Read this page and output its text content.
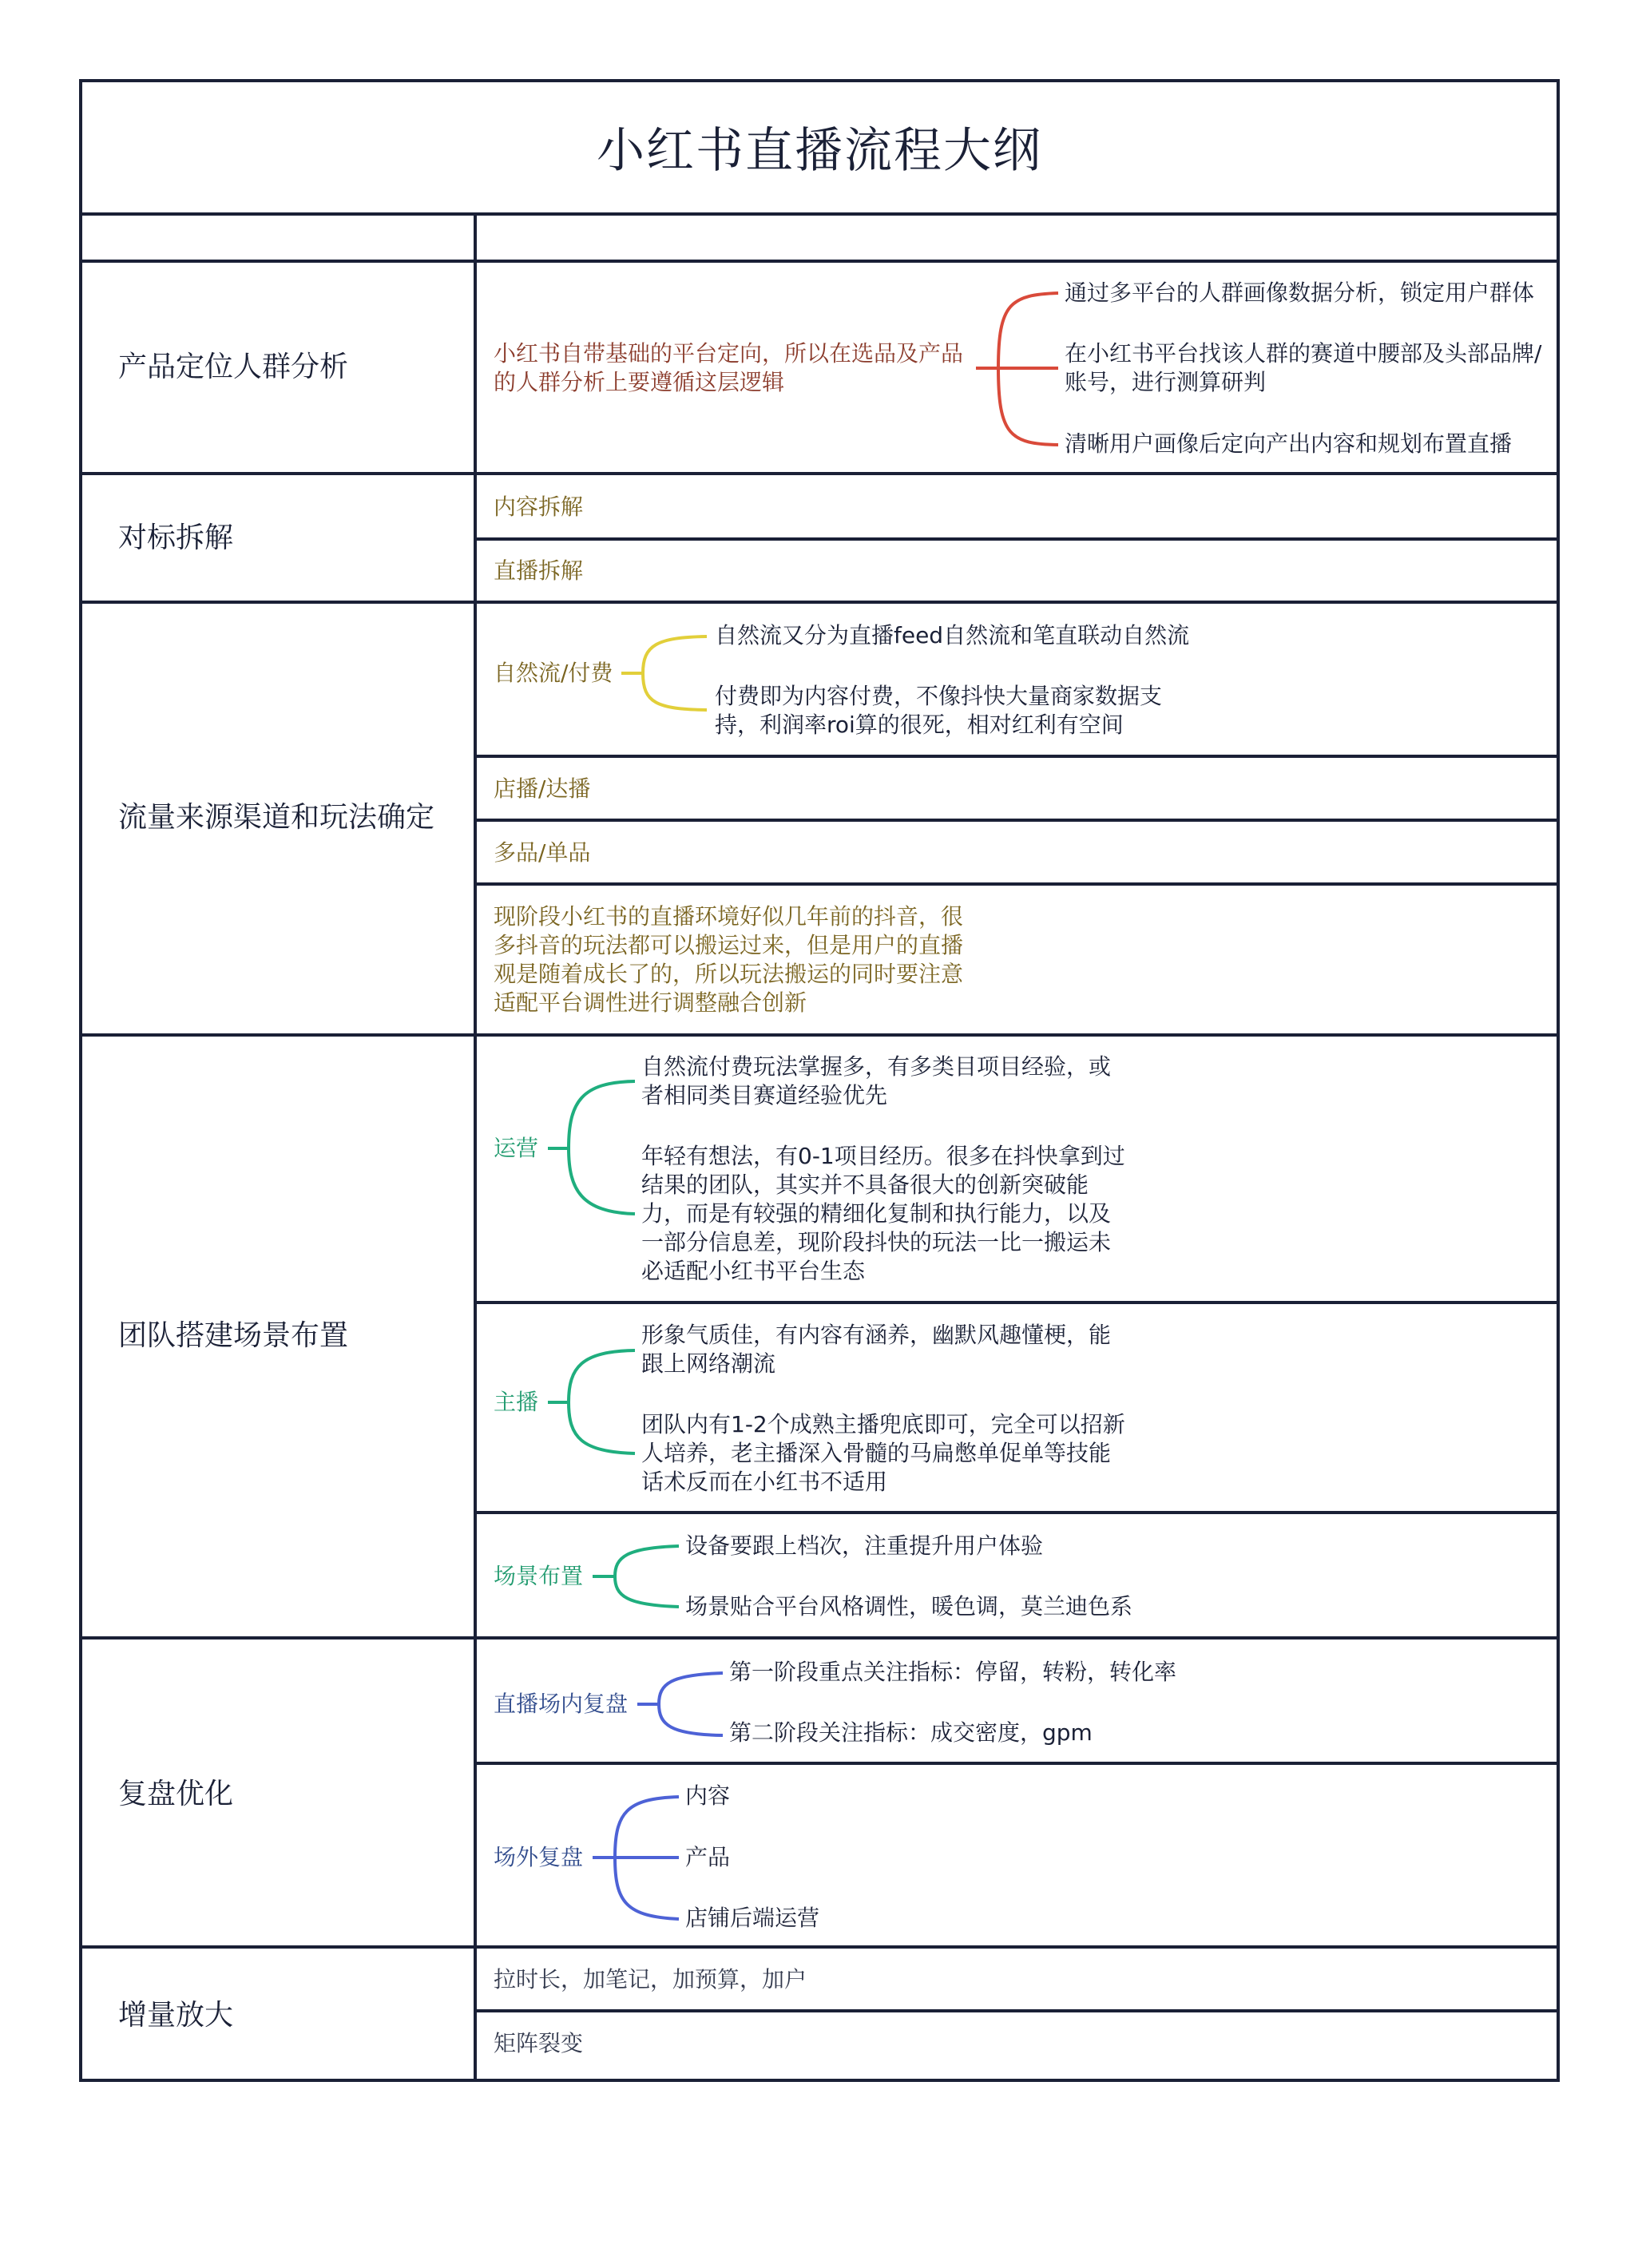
小红书直播流程大纲
产品定位人群分析	小红书自带基础的平台定向，所以在选品及产品
的人群分析上要遵循这层逻辑
通过多平台的人群画像数据分析，锁定用户群体
在小红书平台找该人群的赛道中腰部及头部品牌/
账号，进行测算研判
清晰用户画像后定向产出内容和规划布置直播
对标拆解
内容拆解
直播拆解
流量来源渠道和玩法确定
自然流/付费
自然流又分为直播feed自然流和笔直联动自然流
付费即为内容付费，不像抖快大量商家数据支
持，利润率roi算的很死，相对红利有空间
店播/达播
多品/单品
现阶段小红书的直播环境好似几年前的抖音，很
多抖音的玩法都可以搬运过来，但是用户的直播
观是随着成长了的，所以玩法搬运的同时要注意
适配平台调性进行调整融合创新
团队搭建场景布置
运营
自然流付费玩法掌握多，有多类目项目经验，或
者相同类目赛道经验优先
年轻有想法，有0-1项目经历。很多在抖快拿到过
结果的团队，其实并不具备很大的创新突破能
力，而是有较强的精细化复制和执行能力，以及
一部分信息差，现阶段抖快的玩法一比一搬运未
必适配小红书平台生态
主播
形象气质佳，有内容有涵养，幽默风趣懂梗，能
跟上网络潮流
团队内有1-2个成熟主播兜底即可，完全可以招新
人培养，老主播深入骨髓的马扁憋单促单等技能
话术反而在小红书不适用
场景布置
设备要跟上档次，注重提升用户体验
场景贴合平台风格调性，暖色调，莫兰迪色系
复盘优化
直播场内复盘
第一阶段重点关注指标：停留，转粉，转化率
第二阶段关注指标：成交密度，gpm
场外复盘
内容
产品
店铺后端运营
增量放大
拉时长，加笔记，加预算，加户
矩阵裂变
